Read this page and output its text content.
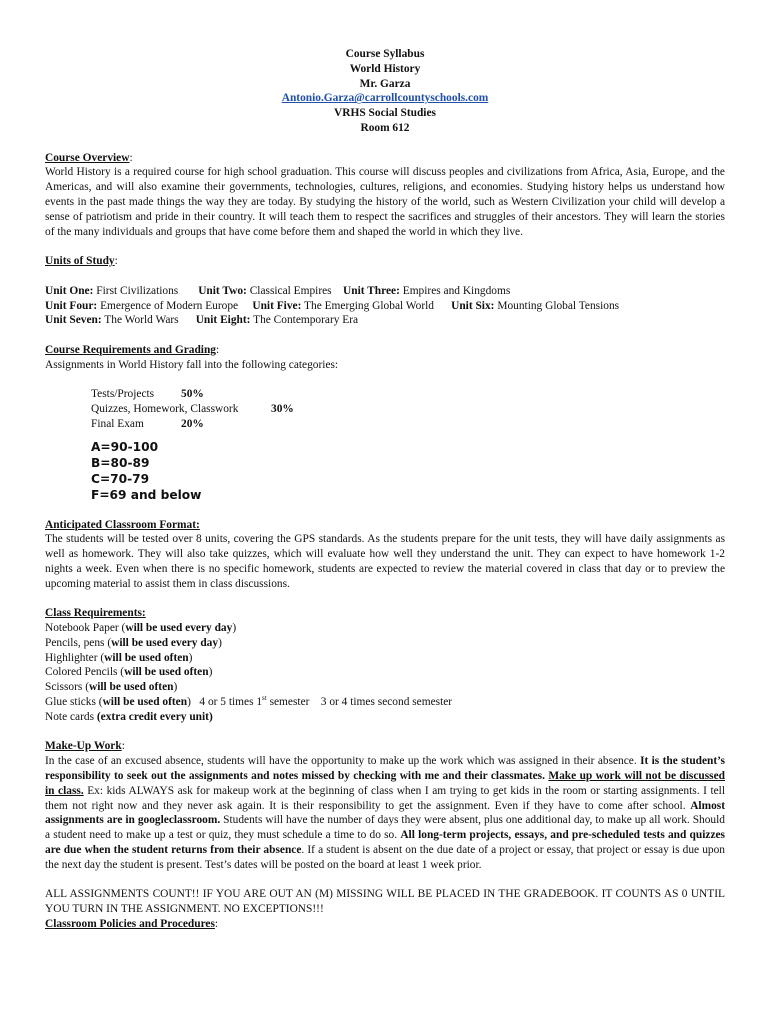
Course Syllabus
World History
Mr. Garza
Antonio.Garza@carrollcountyschools.com
VRHS Social Studies
Room 612
Course Overview:
World History is a required course for high school graduation. This course will discuss peoples and civilizations from Africa, Asia, Europe, and the Americas, and will also examine their governments, technologies, cultures, religions, and economies. Studying history helps us understand how events in the past made things the way they are today. By studying the history of the world, such as Western Civilization your child will develop a sense of patriotism and pride in their country. It will teach them to respect the sacrifices and struggles of their ancestors. They will learn the stories of the many individuals and groups that have come before them and shaped the world in which they live.
Units of Study:
Unit One: First Civilizations Unit Two: Classical Empires Unit Three: Empires and Kingdoms
Unit Four: Emergence of Modern Europe Unit Five: The Emerging Global World Unit Six: Mounting Global Tensions
Unit Seven: The World Wars Unit Eight: The Contemporary Era
Course Requirements and Grading:
Assignments in World History fall into the following categories:
Tests/Projects	50%
Quizzes, Homework, Classwork	30%
Final Exam	20%
A=90-100
B=80-89
C=70-79
F=69 and below
Anticipated Classroom Format:
The students will be tested over 8 units, covering the GPS standards. As the students prepare for the unit tests, they will have daily assignments as well as homework. They will also take quizzes, which will evaluate how well they understand the unit. They can expect to have homework 1-2 nights a week. Even when there is no specific homework, students are expected to review the material covered in class that day or to preview the upcoming material to assist them in class discussions.
Class Requirements:
Notebook Paper (will be used every day)
Pencils, pens (will be used every day)
Highlighter (will be used often)
Colored Pencils (will be used often)
Scissors (will be used often)
Glue sticks (will be used often)   4 or 5 times 1st semester    3 or 4 times second semester
Note cards (extra credit every unit)
Make-Up Work:
In the case of an excused absence, students will have the opportunity to make up the work which was assigned in their absence. It is the student’s responsibility to seek out the assignments and notes missed by checking with me and their classmates. Make up work will not be discussed in class. Ex: kids ALWAYS ask for makeup work at the beginning of class when I am trying to get kids in the room or starting assignments. I tell them not right now and they never ask again. It is their responsibility to get the assignment. Even if they have to come after school. Almost assignments are in googleclassroom. Students will have the number of days they were absent, plus one additional day, to make up all work. Should a student need to make up a test or quiz, they must schedule a time to do so. All long-term projects, essays, and pre-scheduled tests and quizzes are due when the student returns from their absence. If a student is absent on the due date of a project or essay, that project or essay is due upon the next day the student is present. Test’s dates will be posted on the board at least 1 week prior.
ALL ASSIGNMENTS COUNT!! IF YOU ARE OUT AN (M) MISSING WILL BE PLACED IN THE GRADEBOOK. IT COUNTS AS 0 UNTIL YOU TURN IN THE ASSIGNMENT. NO EXCEPTIONS!!!
Classroom Policies and Procedures:
